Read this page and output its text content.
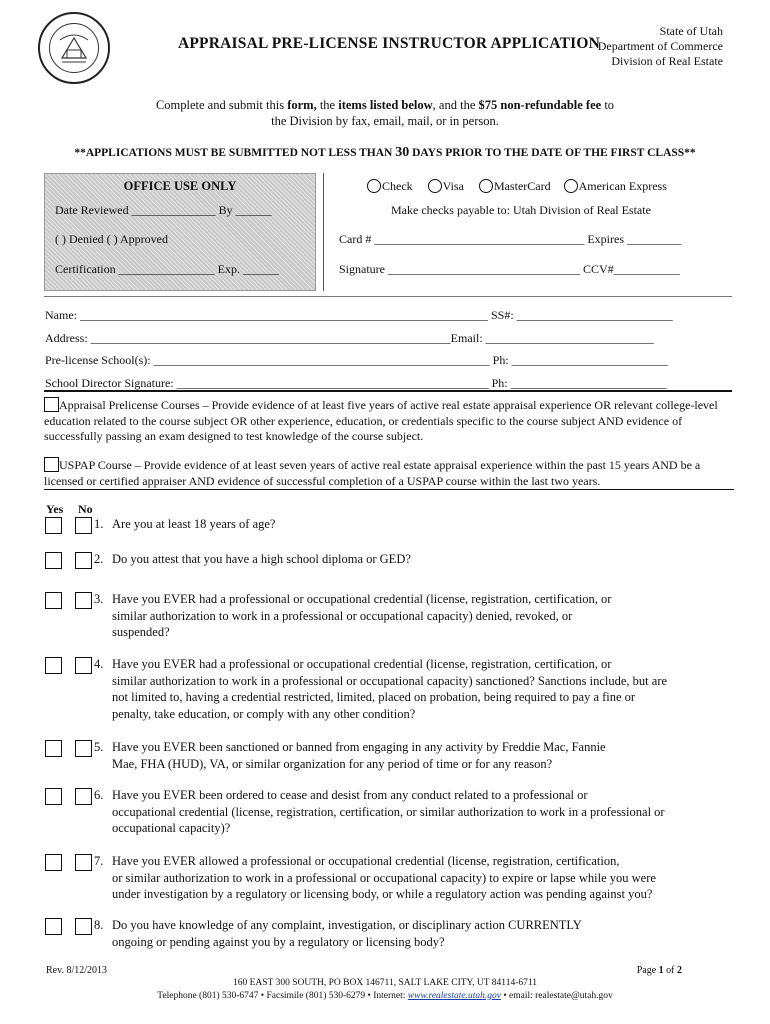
APPRAISAL PRE-LICENSE INSTRUCTOR APPLICATION
State of Utah
Department of Commerce
Division of Real Estate
Complete and submit this form, the items listed below, and the $75 non-refundable fee to
the Division by fax, email, mail, or in person.
**APPLICATIONS MUST BE SUBMITTED NOT LESS THAN 30 DAYS PRIOR TO THE DATE OF THE FIRST CLASS**
OFFICE USE ONLY
Date Reviewed ______________ By ______
( ) Denied ( ) Approved
Certification ________________ Exp. ______
Check	Visa	MasterCard American Express
Make checks payable to: Utah Division of Real Estate
Card # ___________________________________ Expires _________
Signature ________________________________ CCV#___________
Name: ____________________________________________________________________ SS#: __________________________
Address: ____________________________________________________________Email: ____________________________
Pre-license School(s): ________________________________________________________ Ph: __________________________
School Director Signature: ____________________________________________________ Ph: __________________________
Appraisal Prelicense Courses – Provide evidence of at least five years of active real estate appraisal experience OR relevant college-level education related to the course subject OR other experience, education, or credentials specific to the course subject AND evidence of successfully passing an exam designed to test knowledge of the course subject.
USPAP Course – Provide evidence of at least seven years of active real estate appraisal experience within the past 15 years AND be a licensed or certified appraiser AND evidence of successful completion of a USPAP course within the last two years.
Yes No
1. Are you at least 18 years of age?
2. Do you attest that you have a high school diploma or GED?
3. Have you EVER had a professional or occupational credential (license, registration, certification, or
similar authorization to work in a professional or occupational capacity) denied, revoked, or
suspended?
4. Have you EVER had a professional or occupational credential (license, registration, certification, or
similar authorization to work in a professional or occupational capacity) sanctioned? Sanctions include, but are
not limited to, having a credential restricted, limited, placed on probation, being required to pay a fine or
penalty, take education, or comply with any other condition?
5. Have you EVER been sanctioned or banned from engaging in any activity by Freddie Mac, Fannie
Mae, FHA (HUD), VA, or similar organization for any period of time or for any reason?
6. Have you EVER been ordered to cease and desist from any conduct related to a professional or
occupational credential (license, registration, certification, or similar authorization to work in a professional or
occupational capacity)?
7. Have you EVER allowed a professional or occupational credential (license, registration, certification,
or similar authorization to work in a professional or occupational capacity) to expire or lapse while you were
under investigation by a regulatory or licensing body, or while a regulatory action was pending against you?
8. Do you have knowledge of any complaint, investigation, or disciplinary action CURRENTLY
ongoing or pending against you by a regulatory or licensing body?
Rev. 8/12/2013	Page 1 of 2
160 EAST 300 SOUTH, PO BOX 146711, SALT LAKE CITY, UT 84114-6711
Telephone (801) 530-6747 • Facsimile (801) 530-6279 • Internet: www.realestate.utah.gov • email: realestate@utah.gov
